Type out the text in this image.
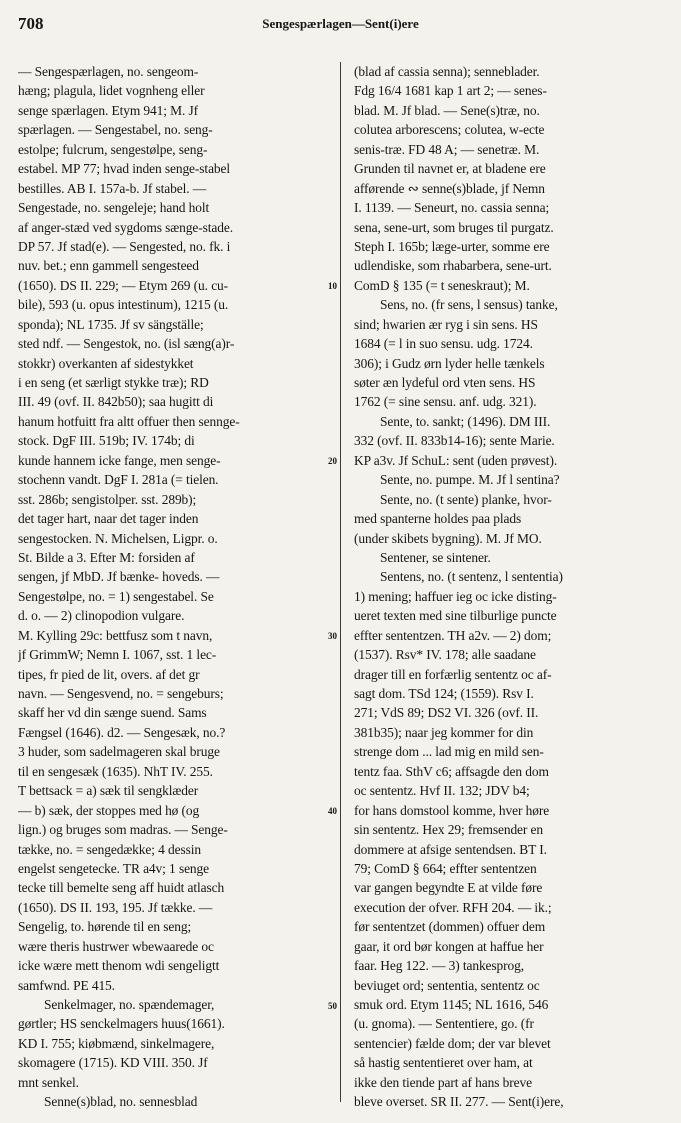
708	Sengespærlagen—Sent(i)ere
— Sengespærlagen, no. sengeom-
hæng; plagula, lidet vognheng eller
senge spærlagen. Etym 941; M. Jf
spærlagen. — Sengestabel, no. seng-
estolpe; fulcrum, sengestølpe, seng-
estabel. MP 77; hvad inden senge-stabel
bestilles. AB I. 157a-b. Jf stabel. —
Sengestade, no. sengeleje; hand holt
af anger-stæd ved sygdoms sænge-stade.
DP 57. Jf stad(e). — Sengested, no. fk. i
nuv. bet.; enn gammell sengesteed
(1650). DS II. 229; — Etym 269 (u. cu-
bile), 593 (u. opus intestinum), 1215 (u.
sponda); NL 1735. Jf sv sängställe;
sted ndf. — Sengestok, no. (isl sæng(a)r-
stokkr) overkanten af sidestykket
i en seng (et særligt stykke træ); RD
III. 49 (ovf. II. 842b50); saa hugitt di
hanum hotfuitt fra altt offuer then sennge-
stock. DgF III. 519b; IV. 174b; di
kunde hannem icke fange, men senge-
stochenn vandt. DgF I. 281a (= tielen.
sst. 286b; sengistolper. sst. 289b);
det tager hart, naar det tager inden
sengestocken. N. Michelsen, Ligpr. o.
St. Bilde a 3. Efter M: forsiden af
sengen, jf MbD. Jf bænke- hoveds. —
Sengestølpe, no. = 1) sengestabel. Se
d. o. — 2) clinopodion vulgare.
M. Kylling 29c: bettfusz som t navn,
jf GrimmW; Nemn I. 1067, sst. 1 lec-
tipes, fr pied de lit, overs. af det gr
navn. — Sengesvend, no. = sengeburs;
skaff her vd din sænge suend. Sams
Fængsel (1646). d2. — Sengesæk, no.?
3 huder, som sadelmageren skal bruge
til en sengesæk (1635). NhT IV. 255.
T bettsack = a) sæk til sengklæder
— b) sæk, der stoppes med hø (og
lign.) og bruges som madras. — Senge-
tække, no. = sengedække; 4 dessin
engelst sengetecke. TR a4v; 1 senge
tecke till bemelte seng aff huidt atlasch
(1650). DS II. 193, 195. Jf tække. —
Sengelig, to. hørende til en seng;
wære theris hustrwer wbewaarede oc
icke wære mett thenom wdi sengeligtt
samfwnd. PE 415.
Senkelmager, no. spændemager,
gørtler; HS senckelmagers huus(1661).
KD I. 755; kiøbmænd, sinkelmagere,
skomagere (1715). KD VIII. 350. Jf
mnt senkel.
Senne(s)blad, no. sennesblad
(blad af cassia senna); senneblader.
Fdg 16/4 1681 kap 1 art 2; — senes-
blad. M. Jf blad. — Sene(s)træ, no.
colutea arborescens; colutea, w-ecte
senis-træ. FD 48 A; — senetræ. M.
Grunden til navnet er, at bladene ere
afførende ∾ senne(s)blade, jf Nemn
I. 1139. — Seneurt, no. cassia senna;
sena, sene-urt, som bruges til purgatz.
Steph I. 165b; læge-urter, somme ere
udlendiske, som rhabarbera, sene-urt.
ComD § 135 (= t seneskraut); M.
Sens, no. (fr sens, l sensus) tanke,
sind; hwarien ær ryg i sin sens. HS
1684 (= l in suo sensu. udg. 1724.
306); i Gudz ørn lyder helle tænkels
søter æn lydeful ord vten sens. HS
1762 (= sine sensu. anf. udg. 321).
Sente, to. sankt; (1496). DM III.
332 (ovf. II. 833b14-16); sente Marie.
KP a3v. Jf SchuL: sent (uden prøvest).
Sente, no. pumpe. M. Jf l sentina?
Sente, no. (t sente) planke, hvor-
med spanterne holdes paa plads
(under skibets bygning). M. Jf MO.
Sentener, se sintener.
Sentens, no. (t sentenz, l sententia)
1) mening; haffuer ieg oc icke disting-
ueret texten med sine tilburlige puncte
effter sententzen. TH a2v. — 2) dom;
(1537). Rsv* IV. 178; alle saadane
drager till en forfærlig sententz oc af-
sagt dom. TSd 124; (1559). Rsv I.
271; VdS 89; DS2 VI. 326 (ovf. II.
381b35); naar jeg kommer for din
strenge dom ... lad mig en mild sen-
tentz faa. SthV c6; affsagde den dom
oc sententz. Hvf II. 132; JDV b4;
for hans domstool komme, hver høre
sin sententz. Hex 29; fremsender en
dommere at afsige sentendsen. BT I.
79; ComD § 664; effter sententzen
var gangen begyndte E at vilde føre
execution der ofver. RFH 204. — ik.;
før sententzet (dommen) offuer dem
gaar, it ord bør kongen at haffue her
faar. Heg 122. — 3) tankesprog,
beviuget ord; sententia, sententz oc
smuk ord. Etym 1145; NL 1616, 546
(u. gnoma). — Sententiere, go. (fr
sentencier) fælde dom; der var blevet
så hastig sententieret over ham, at
ikke den tiende part af hans breve
bleve overset. SR II. 277. — Sent(i)ere,
10
20
30
40
50
